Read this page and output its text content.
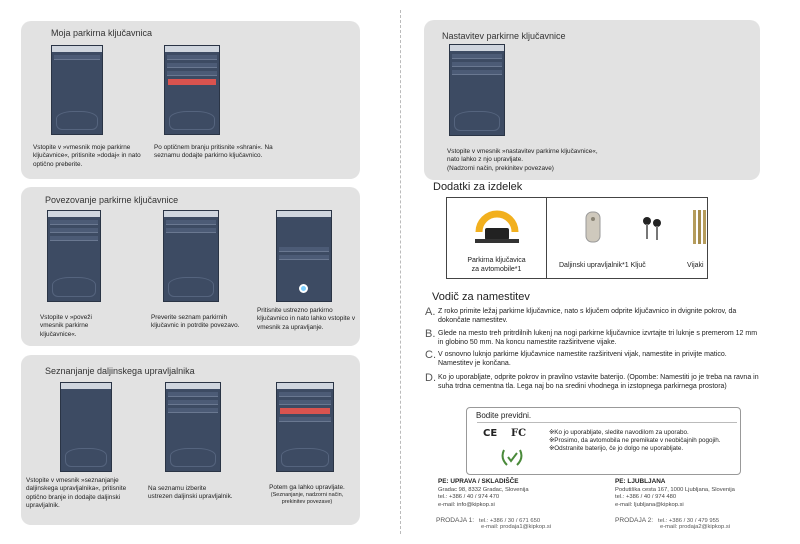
Moja parkirna ključavnica
Vstopite v »vmesnik moje parkirne ključavnice«, pritisnite »dodaj« in nato optično preberite.
Po optičnem branju pritisnite »shrani«. Na seznamu dodajte parkirno ključavnico.
Povezovanje parkirne ključavnice
Vstopite v »poveži vmesnik parkirne ključavnice«.
Preverite seznam parkirnih ključavnic in potrdite povezavo.
Pritisnite ustrezno parkirno ključavnico in nato lahko vstopite v vmesnik za upravljanje.
Seznanjanje daljinskega upravljalnika
Vstopite v vmesnik »seznanjanje daljinskega upravljalnika«, pritisnite optično branje in dodajte daljinski upravljalnik.
Na seznamu izberite
ustrezen daljinski upravljalnik.
Potem ga lahko upravljate.
(Seznanjanje, nadzorni način, prekinitev povezave)
Nastavitev parkirne ključavnice
Vstopite v vmesnik »nastavitev parkirne ključavnice«,
nato lahko z njo upravljate.
(Nadzorni način, prekinitev povezave)
Dodatki za izdelek
Parkirna ključavica
za avtomobile*1
Daljinski upravljalnik*1 Ključ	Vijaki
Vodič za namestitev
A. Z roko primite ležaj parkirne ključavnice, nato s ključem odprite ključavnico in dvignite pokrov, da dokončate namestitev.
B. Glede na mesto treh pritrdilnih lukenj na nogi parkirne ključavnice izvrtajte tri luknje s premerom 12 mm in globino 50 mm. Na koncu namestite razširitvene vijake.
C. V osnovno luknjo parkirne ključavnice namestite razširitveni vijak, namestite in privijte matico. Namestitev je končana.
D. Ko jo uporabljate, odprite pokrov in pravilno vstavite baterijo. (Opombe: Namestiti jo je treba na ravna in suha trdna cementna tla. Lega naj bo na sredini vhodnega in izstopnega parkirnega prostora)
Bodite previdni.
CE FC	※Ko jo uporabljate, sledite navodilom za uporabo.
※Prosimo, da avtomobila ne premikate v neobičajnih pogojih.
※Odstranite baterijo, če jo dolgo ne uporabljate.
PE: UPRAVA / SKLADIŠČE
Gradac 98, 8332 Gradac, Slovenija
tel.: +386 / 40 / 974 470
e-mail: info@kipkop.si
PE: LJUBLJANA
Podutiška cesta 167, 1000 Ljubljana, Slovenija
tel.: +386 / 40 / 974 480
e-mail: ljubljana@kipkop.si
PRODAJA 1: tel.: +386 / 30 / 671 650
e-mail: prodaja1@kipkop.si
PRODAJA 2: tel.: +386 / 30 / 479 955
e-mail: prodaja2@kipkop.si
